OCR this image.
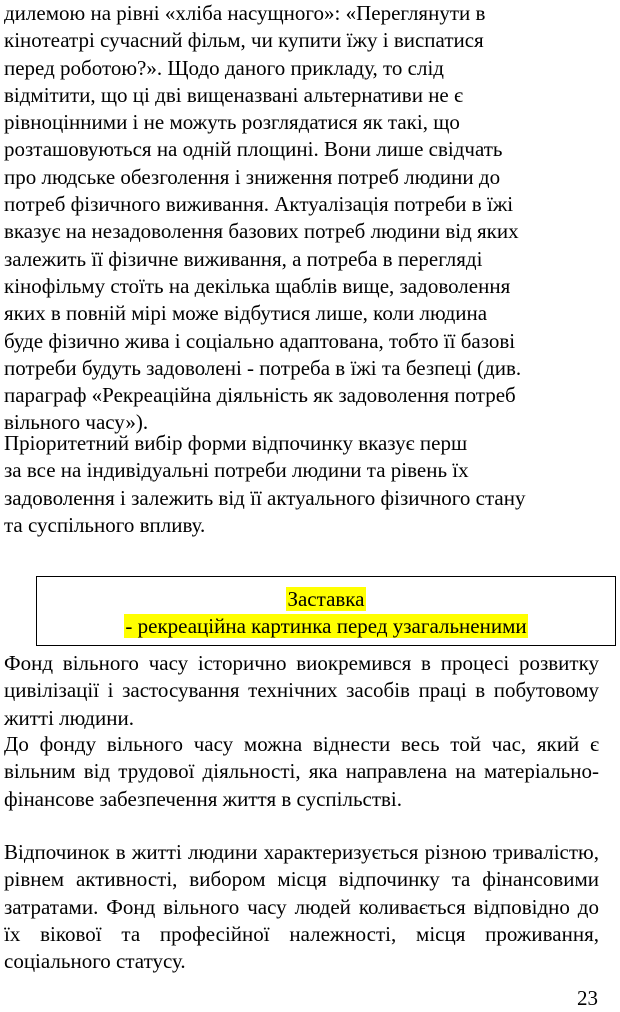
дилемою на рівні «хліба насущного»: «Переглянути в
кінотеатрі сучасний фільм, чи купити їжу і виспатися
перед роботою?». Щодо даного прикладу, то слід
відмітити, що ці дві вищеназвані альтернативи не є
рівноцінними і не можуть розглядатися як такі, що
розташовуються на одній площині. Вони лише свідчать
про людське обезголення і зниження потреб людини до
потреб фізичного виживання. Актуалізація потреби в їжі
вказує на незадоволення базових потреб людини від яких
залежить її фізичне виживання, а потреба в перегляді
кінофільму стоїть на декілька щаблів вище, задоволення
яких в повній мірі може відбутися лише, коли людина
буде фізично жива і соціально адаптована, тобто її базові
потреби будуть задоволені - потреба в їжі та безпеці (див.
параграф «Рекреаційна діяльність як задоволення потреб
вільного часу»).

Пріоритетний вибір форми відпочинку вказує перш
за все на індивідуальні потреби людини та рівень їх
задоволення і залежить від її актуального фізичного стану
та суспільного впливу.

Заставка
- рекреаційна картинка перед узагальненими

Фонд вільного часу історично виокремився в процесі розвитку цивілізації і застосування технічних засобів праці в побутовому житті людини.

До фонду вільного часу можна віднести весь той час, який є вільним від трудової діяльності, яка направлена на матеріально-фінансове забезпечення життя в суспільстві.

Відпочинок в житті людини характеризується різною тривалістю, рівнем активності, вибором місця відпочинку та фінансовими затратами. Фонд вільного часу людей коливається відповідно до їх вікової та професійної належності, місця проживання, соціального статусу.

23
